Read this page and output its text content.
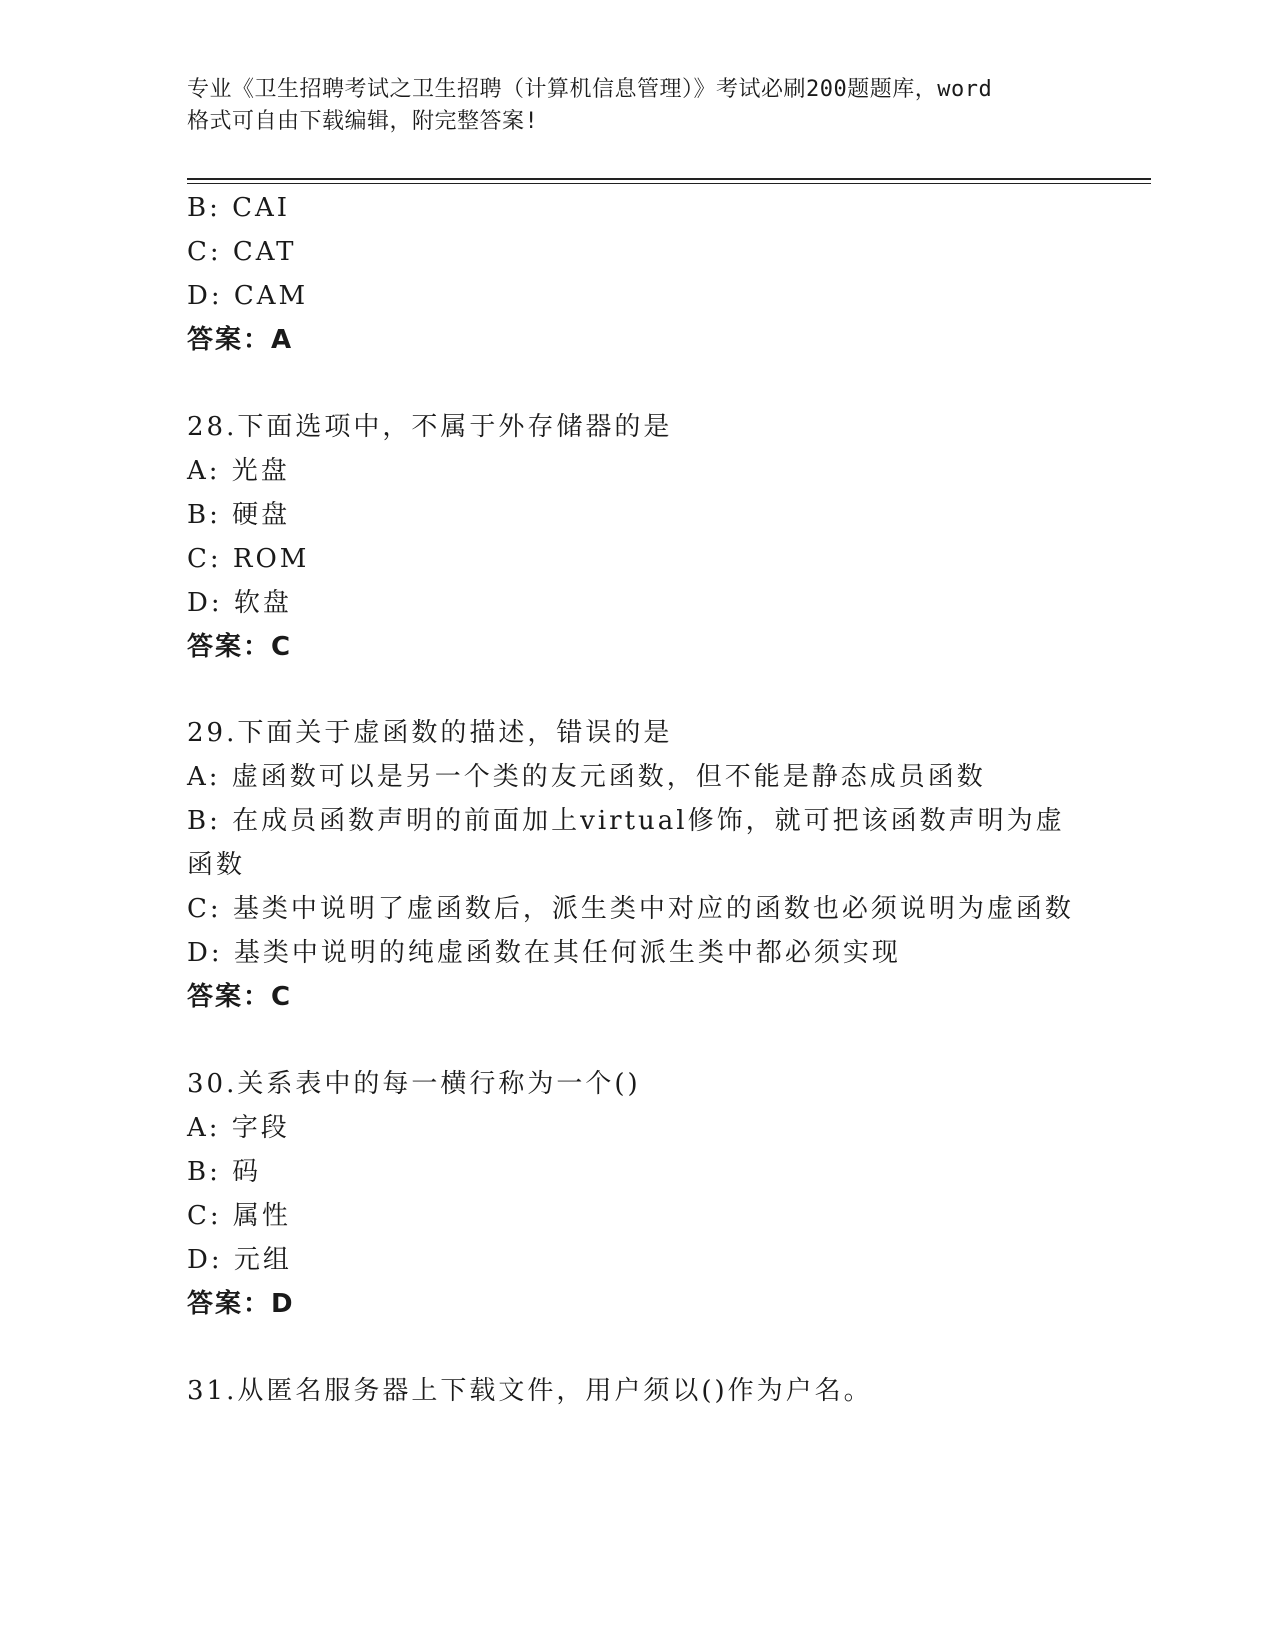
专业《卫生招聘考试之卫生招聘（计算机信息管理）》考试必刷200题题库，word
格式可自由下载编辑，附完整答案!
B: CAI
C: CAT
D: CAM
答案：A
28.下面选项中，不属于外存储器的是
A: 光盘
B: 硬盘
C: ROM
D: 软盘
答案：C
29.下面关于虚函数的描述，错误的是
A: 虚函数可以是另一个类的友元函数，但不能是静态成员函数
B: 在成员函数声明的前面加上virtual修饰，就可把该函数声明为虚
函数
C: 基类中说明了虚函数后，派生类中对应的函数也必须说明为虚函数
D: 基类中说明的纯虚函数在其任何派生类中都必须实现
答案：C
30.关系表中的每一横行称为一个()
A: 字段
B: 码
C: 属性
D: 元组
答案：D
31.从匿名服务器上下载文件，用户须以()作为户名。
